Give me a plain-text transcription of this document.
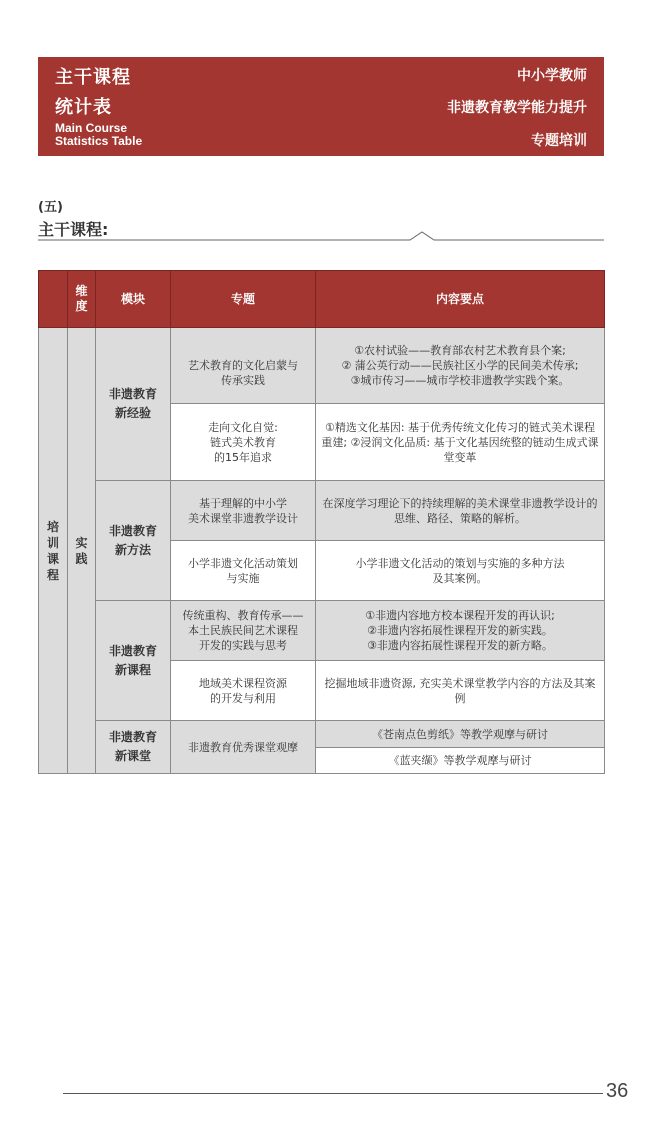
主干课程
统计表
Main Course
Statistics Table
中小学教师
非遗教育教学能力提升
专题培训
(五)
主干课程:
	维度	模块	专题	内容要点
培训课程	实践	非遗教育新经验	艺术教育的文化启蒙与传承实践	①农村试验——教育部农村艺术教育县个案;
② 蒲公英行动——民族社区小学的民间美术传承;
③城市传习——城市学校非遗教学实践个案。
			走向文化自觉:
链式美术教育
的15年追求	①精选文化基因: 基于优秀传统文化传习的链式美术课程重建; ②浸润文化品质: 基于文化基因统整的链动生成式课堂变革
		非遗教育新方法	基于理解的中小学
美术课堂非遗教学设计	在深度学习理论下的持续理解的美术课堂非遗教学设计的思维、路径、策略的解析。
			小学非遗文化活动策划
与实施	小学非遗文化活动的策划与实施的多种方法
及其案例。
		非遗教育新课程	传统重构、教育传承——
本土民族民间艺术课程
开发的实践与思考	①非遗内容地方校本课程开发的再认识;
②非遗内容拓展性课程开发的新实践。
③非遗内容拓展性课程开发的新方略。
			地域美术课程资源
的开发与利用	挖掘地域非遗资源, 充实美术课堂教学内容的方法及其案例
		非遗教育新课堂	非遗教育优秀课堂观摩	《苍南点色剪纸》等教学观摩与研讨
				《蓝夹缬》等教学观摩与研讨
36
